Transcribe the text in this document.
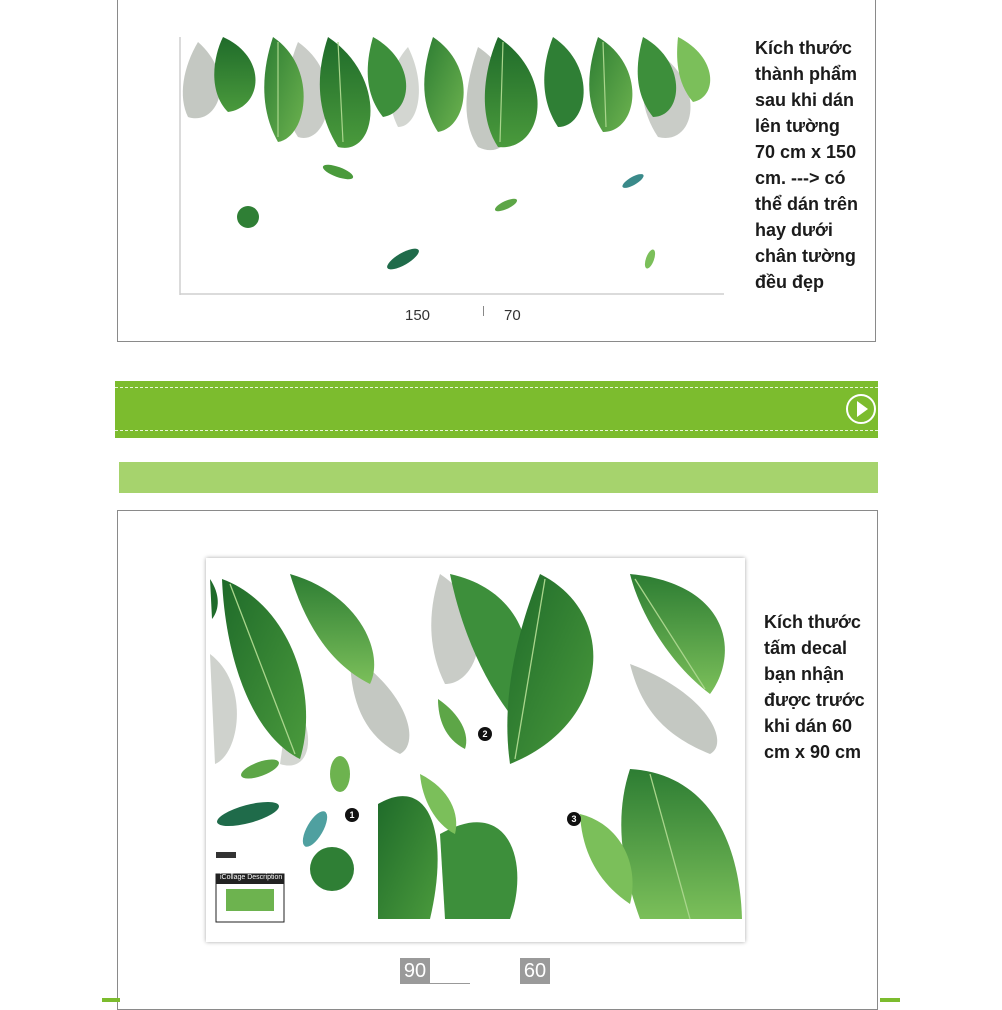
150	70
Kích thước thành phẩm sau khi dán lên tường 70 cm x 150 cm. ---> có thể dán trên hay dưới chân tường đều đẹp
iCollage Description
1
2
3
90	60
Kích thước tấm decal bạn nhận được trước khi dán 60 cm x 90 cm
